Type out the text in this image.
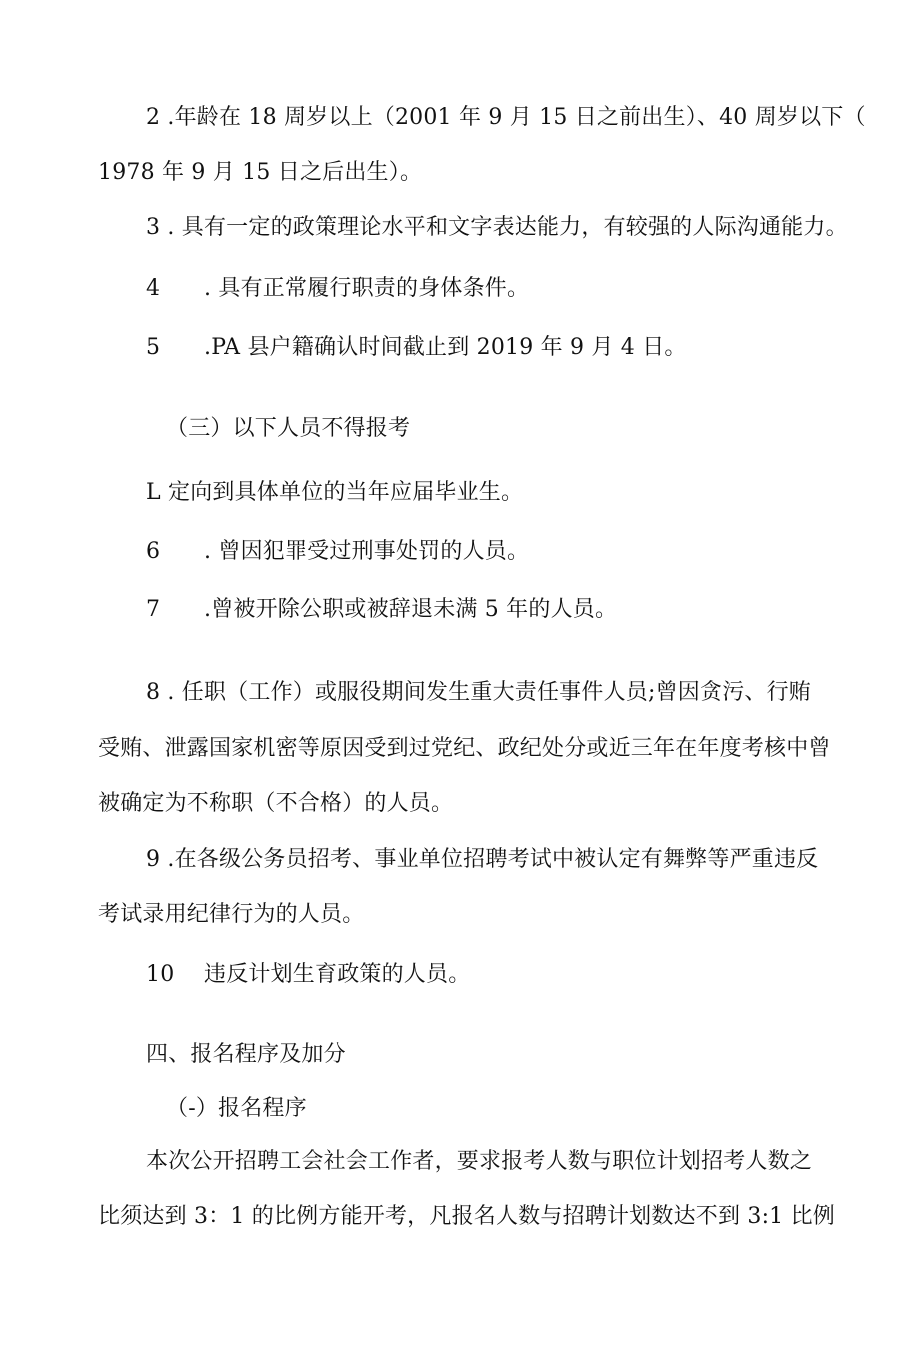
2 .年龄在 18 周岁以上（2001 年 9 月 15 日之前出生）、40 周岁以下（
1978 年 9 月 15 日之后出生）。
3 . 具有一定的政策理论水平和文字表达能力，有较强的人际沟通能力。
4 . 具有正常履行职责的身体条件。
5 .PA 县户籍确认时间截止到 2019 年 9 月 4 日。
（三）以下人员不得报考
L 定向到具体单位的当年应届毕业生。
6 . 曾因犯罪受过刑事处罚的人员。
7 .曾被开除公职或被辞退未满 5 年的人员。
8 . 任职（工作）或服役期间发生重大责任事件人员;曾因贪污、行贿
受贿、泄露国家机密等原因受到过党纪、政纪处分或近三年在年度考核中曾
被确定为不称职（不合格）的人员。
9 .在各级公务员招考、事业单位招聘考试中被认定有舞弊等严重违反
考试录用纪律行为的人员。
10 违反计划生育政策的人员。
四、报名程序及加分
（-）报名程序
本次公开招聘工会社会工作者，要求报考人数与职位计划招考人数之
比须达到 3：1 的比例方能开考，凡报名人数与招聘计划数达不到 3:1 比例
